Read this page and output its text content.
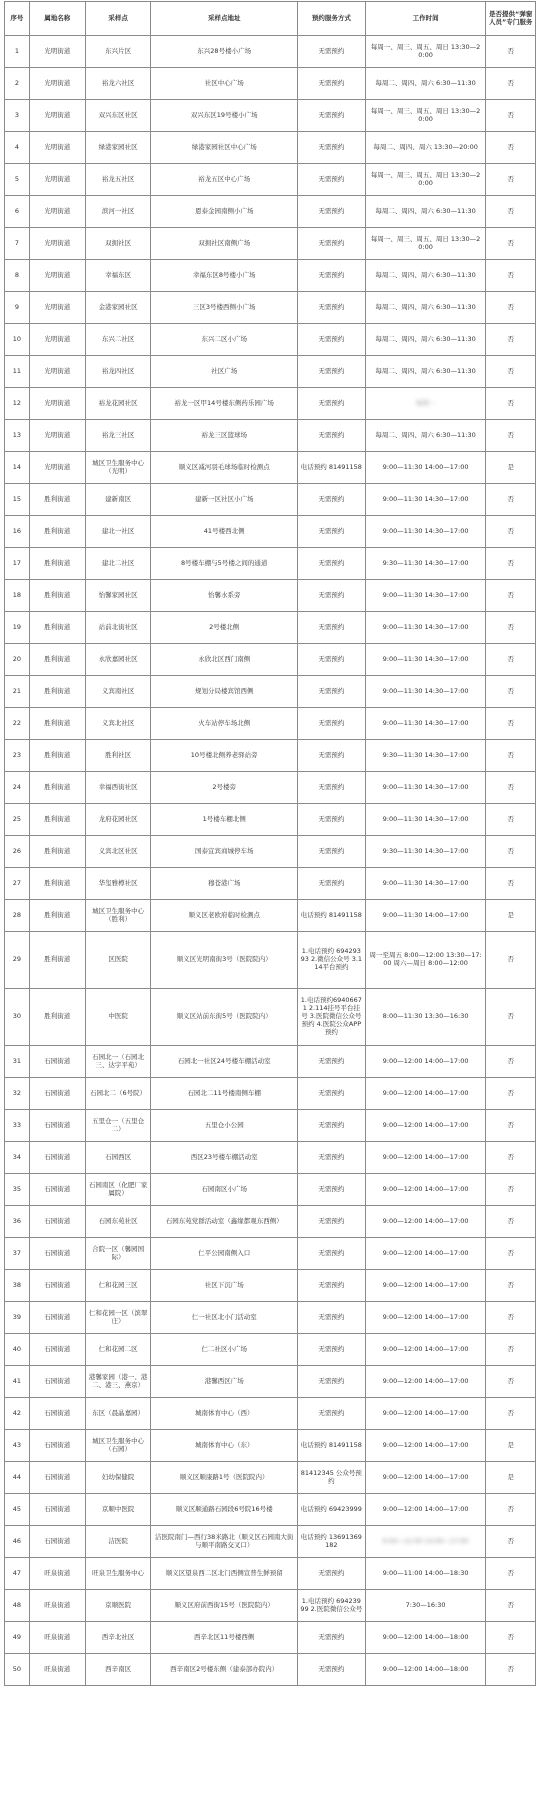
序号	属地名称	采样点	采样点地址	预约服务方式	工作时间	是否提供“弹窗人员”专门服务
1	光明街道	东兴片区	东兴28号楼小广场	无需预约	每周一、周三、周五、周日 13:30—20:00	否
2	光明街道	裕龙六社区	社区中心广场	无需预约	每周二、周四、周六 6:30—11:30	否
3	光明街道	双兴东区社区	双兴东区19号楼小广场	无需预约	每周一、周三、周五、周日 13:30—20:00	否
4	光明街道	绿港家园社区	绿港家园社区中心广场	无需预约	每周二、周四、周六 13:30—20:00	否
5	光明街道	裕龙五社区	裕龙五区中心广场	无需预约	每周一、周三、周五、周日 13:30—20:00	否
6	光明街道	滨河一社区	恩泰金园南侧小广场	无需预约	每周二、周四、周六 6:30—11:30	否
7	光明街道	双拥社区	双拥社区南侧广场	无需预约	每周一、周三、周五、周日 13:30—20:00	否
8	光明街道	幸福东区	幸福东区8号楼小广场	无需预约	每周二、周四、周六 6:30—11:30	否
9	光明街道	金港家园社区	三区3号楼西侧小广场	无需预约	每周二、周四、周六 6:30—11:30	否
10	光明街道	东兴二社区	东兴二区小广场	无需预约	每周二、周四、周六 6:30—11:30	否
11	光明街道	裕龙四社区	社区广场	无需预约	每周二、周四、周六 6:30—11:30	否
12	光明街道	裕龙花园社区	裕龙一区甲14号楼东侧药乐园广场	无需预约	每周一	否
13	光明街道	裕龙三社区	裕龙三区篮球场	无需预约	每周二、周四、周六 6:30—11:30	否
14	光明街道	城区卫生服务中心（光明）	顺义区减河羽毛球场临时检测点	电话预约 81491158	9:00—11:30 14:00—17:00	是
15	胜利街道	建新南区	建新一区社区小广场	无需预约	9:00—11:30 14:30—17:00	否
16	胜利街道	建北一社区	41号楼西北侧	无需预约	9:00—11:30 14:30—17:00	否
17	胜利街道	建北二社区	8号楼车棚与5号楼之间的通道	无需预约	9:30—11:30 14:30—17:00	否
18	胜利街道	怡馨家园社区	怡馨水系旁	无需预约	9:00—11:30 14:30—17:00	否
19	胜利街道	站前北街社区	2号楼北侧	无需预约	9:00—11:30 14:30—17:00	否
20	胜利街道	永欣嘉园社区	永欣北区西门南侧	无需预约	9:00—11:30 14:30—17:00	否
21	胜利街道	义宾南社区	规划分局楼宾馆西侧	无需预约	9:00—11:30 14:30—17:00	否
22	胜利街道	义宾北社区	火车站停车场北侧	无需预约	9:00—11:30 14:30—17:00	否
23	胜利街道	胜利社区	10号楼北侧养老驿站旁	无需预约	9:30—11:30 14:30—17:00	否
24	胜利街道	幸福西街社区	2号楼旁	无需预约	9:00—11:30 14:30—17:00	否
25	胜利街道	龙府花园社区	1号楼车棚北侧	无需预约	9:00—11:30 14:30—17:00	否
26	胜利街道	义宾北区社区	国泰宜宾商城停车场	无需预约	9:30—11:30 14:30—17:00	否
27	胜利街道	华玺雅樽社区	穆苍港广场	无需预约	9:00—11:30 14:30—17:00	否
28	胜利街道	城区卫生服务中心（胜利）	顺义区老欧府临时检测点	电话预约 81491158	9:00—11:30 14:00—17:00	是
29	胜利街道	区医院	顺义区光明南街3号（医院院内）	1.电话预约 69429393 2.微信公众号 3.114平台预约	周一至周五 8:00—12:00 13:30—17:00 周六—周日 8:00—12:00	否
30	胜利街道	中医院	顺义区站前东街5号（医院院内）	1.电话预约69406671 2.114挂号平台挂号 3.医院微信公众号预约 4.医院公众APP预约	8:00—11:30 13:30—16:30	否
31	石园街道	石园北一（石园北三、达宇平苑）	石园北一社区24号楼车棚活动室	无需预约	9:00—12:00 14:00—17:00	否
32	石园街道	石园北二（6号院）	石园北二11号楼南侧车棚	无需预约	9:00—12:00 14:00—17:00	否
33	石园街道	五里仓一（五里仓二）	五里仓小公园	无需预约	9:00—12:00 14:00—17:00	否
34	石园街道	石园西区	西区23号楼车棚活动室	无需预约	9:00—12:00 14:00—17:00	否
35	石园街道	石园南区（化肥厂家属院）	石园南区小广场	无需预约	9:00—12:00 14:00—17:00	否
36	石园街道	石园东苑社区	石园东苑党群活动室（鑫缘都观东西侧）	无需预约	9:00—12:00 14:00—17:00	否
37	石园街道	合院一区（馨园国际）	仁平公园南侧入口	无需预约	9:00—12:00 14:00—17:00	否
38	石园街道	仁和花园三区	社区下沉广场	无需预约	9:00—12:00 14:00—17:00	否
39	石园街道	仁和花园一区（滨翠庄）	仁一社区北小门活动室	无需预约	9:00—12:00 14:00—17:00	否
40	石园街道	仁和花园二区	仁二社区小广场	无需预约	9:00—12:00 14:00—17:00	否
41	石园街道	港馨家园（港一、港二、港三、燕京）	港馨西区广场	无需预约	9:00—12:00 14:00—17:00	否
42	石园街道	东区（晨晶嘉园）	城南体育中心（西）	无需预约	9:00—12:00 14:00—17:00	否
43	石园街道	城区卫生服务中心（石园）	城南体育中心（东）	电话预约 81491158	9:00—12:00 14:00—17:00	是
44	石园街道	妇幼保健院	顺义区顺康路1号（医院院内）	81412345 公众号预约	9:00—12:00 14:00—17:00	是
45	石园街道	京顺中医院	顺义区顺通路石园段6号院16号楼	电话预约 69423999	9:00—12:00 14:00—17:00	否
46	石园街道	洁医院	洁医院南门—西行38米路北（顺义区石园南大街与顺平南路交叉口）	电话预约 13691369182	9:00—12:00 14:00—17:00	否
47	旺泉街道	旺泉卫生服务中心	顺义区望泉西二区北门西侧宣普生鲜预留	无需预约	9:00—11:00 14:00—18:30	否
48	旺泉街道	京顺医院	顺义区府前西街15号（医院院内）	1.电话预约 69423999 2.医院微信公众号	7:30—16:30	否
49	旺泉街道	西辛北社区	西辛北区11号楼西侧	无需预约	9:00—12:00 14:00—18:00	否
50	旺泉街道	西辛南区	西辛南区2号楼东侧（建泰部办院内）	无需预约	9:00—12:00 14:00—18:00	否
